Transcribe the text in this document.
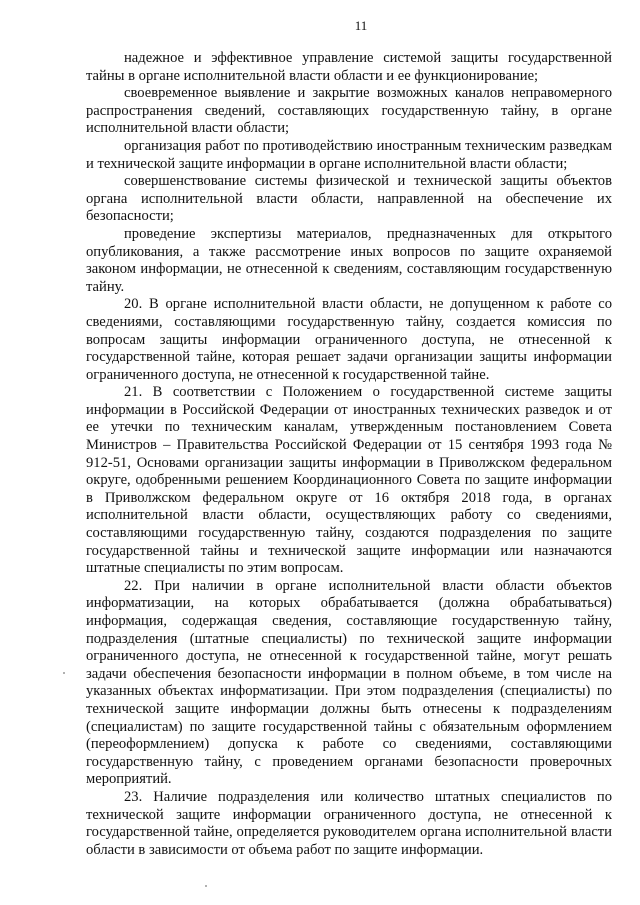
11

надежное и эффективное управление системой защиты государственной тайны в органе исполнительной власти области и ее функционирование;

своевременное выявление и закрытие возможных каналов неправомерного распространения сведений, составляющих государственную тайну, в органе исполнительной власти области;

организация работ по противодействию иностранным техническим разведкам и технической защите информации в органе исполнительной власти области;

совершенствование системы физической и технической защиты объектов органа исполнительной власти области, направленной на обеспечение их безопасности;

проведение экспертизы материалов, предназначенных для открытого опубликования, а также рассмотрение иных вопросов по защите охраняемой законом информации, не отнесенной к сведениям, составляющим государственную тайну.

20. В органе исполнительной власти области, не допущенном к работе со сведениями, составляющими государственную тайну, создается комиссия по вопросам защиты информации ограниченного доступа, не отнесенной к государственной тайне, которая решает задачи организации защиты информации ограниченного доступа, не отнесенной к государственной тайне.

21. В соответствии с Положением о государственной системе защиты информации в Российской Федерации от иностранных технических разведок и от ее утечки по техническим каналам, утвержденным постановлением Совета Министров – Правительства Российской Федерации от 15 сентября 1993 года № 912-51, Основами организации защиты информации в Приволжском федеральном округе, одобренными решением Координационного Совета по защите информации в Приволжском федеральном округе от 16 октября 2018 года, в органах исполнительной власти области, осуществляющих работу со сведениями, составляющими государственную тайну, создаются подразделения по защите государственной тайны и технической защите информации или назначаются штатные специалисты по этим вопросам.

22. При наличии в органе исполнительной власти области объектов информатизации, на которых обрабатывается (должна обрабатываться) информация, содержащая сведения, составляющие государственную тайну, подразделения (штатные специалисты) по технической защите информации ограниченного доступа, не отнесенной к государственной тайне, могут решать задачи обеспечения безопасности информации в полном объеме, в том числе на указанных объектах информатизации. При этом подразделения (специалисты) по технической защите информации должны быть отнесены к подразделениям (специалистам) по защите государственной тайны с обязательным оформлением (переоформлением) допуска к работе со сведениями, составляющими государственную тайну, с проведением органами безопасности проверочных мероприятий.

23. Наличие подразделения или количество штатных специалистов по технической защите информации ограниченного доступа, не отнесенной к государственной тайне, определяется руководителем органа исполнительной власти области в зависимости от объема работ по защите информации.
